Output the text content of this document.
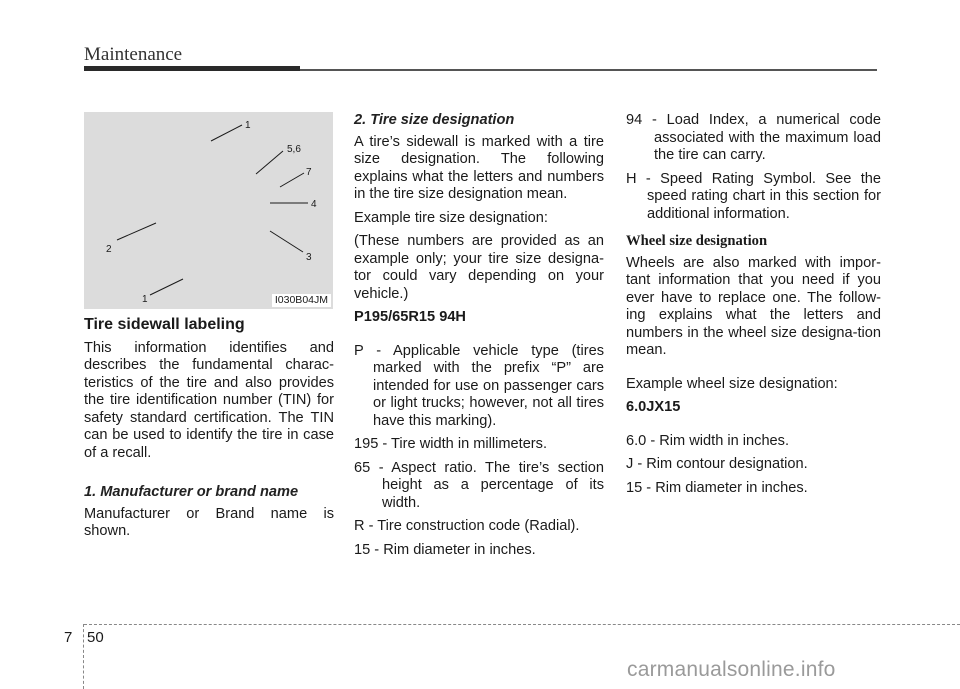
Maintenance
1
5,6
7
4
3
2
1	I030B04JM
Tire sidewall labeling

This information identifies and describes the fundamental charac-teristics of the tire and also provides the tire identification number (TIN) for safety standard certification. The TIN can be used to identify the tire in case of a recall.

1. Manufacturer or brand name

Manufacturer or Brand name is shown.

2. Tire size designation

A tire’s sidewall is marked with a tire size designation. The following explains what the letters and numbers in the tire size designation mean.

Example tire size designation:

(These numbers are provided as an example only; your tire size designa-tor could vary depending on your vehicle.)

P195/65R15 94H

P - Applicable vehicle type (tires marked with the prefix “P” are intended for use on passenger cars or light trucks; however, not all tires have this marking).
195 - Tire width in millimeters.
65 - Aspect ratio. The tire’s section height as a percentage of its width.
R - Tire construction code (Radial).
15 - Rim diameter in inches.
94 - Load Index, a numerical code associated with the maximum load the tire can carry.
H - Speed Rating Symbol. See the speed rating chart in this section for additional information.
Wheel size designation

Wheels are also marked with impor-tant information that you need if you ever have to replace one. The follow-ing explains what the letters and numbers in the wheel size designa-tion mean.

Example wheel size designation:

6.0JX15

6.0 - Rim width in inches.

J - Rim contour designation.

15 - Rim diameter in inches.

7 50
carmanualsonline.info
